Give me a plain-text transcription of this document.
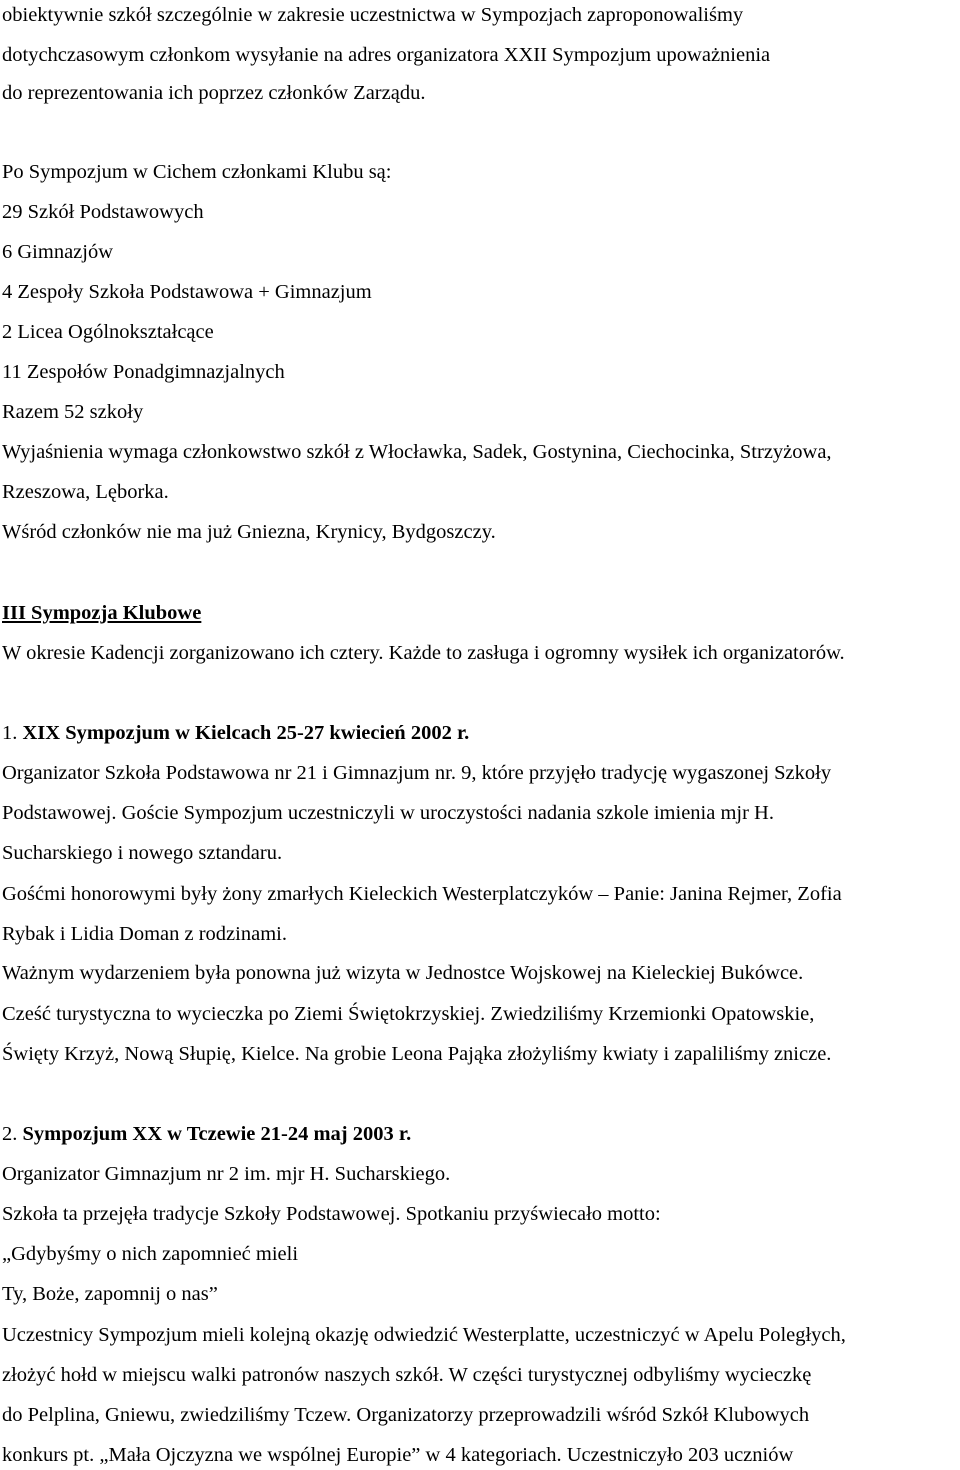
obiektywnie szkół szczególnie w zakresie uczestnictwa w Sympozjach zaproponowaliśmy
dotychczasowym członkom wysyłanie na adres organizatora XXII Sympozjum upoważnienia
do reprezentowania ich poprzez członków Zarządu.
Po Sympozjum w Cichem członkami Klubu są:
29 Szkół Podstawowych
6 Gimnazjów
4 Zespoły Szkoła Podstawowa + Gimnazjum
2 Licea Ogólnokształcące
11 Zespołów Ponadgimnazjalnych
Razem 52 szkoły
Wyjaśnienia wymaga członkowstwo szkół z Włocławka, Sadek, Gostynina, Ciechocinka, Strzyżowa,
Rzeszowa, Lęborka.
Wśród członków nie ma już Gniezna, Krynicy, Bydgoszczy.
III Sympozja Klubowe
W okresie Kadencji zorganizowano ich cztery. Każde to zasługa i ogromny wysiłek ich organizatorów.
1. XIX Sympozjum w Kielcach 25-27 kwiecień 2002 r.
Organizator Szkoła Podstawowa nr 21 i Gimnazjum nr. 9, które przyjęło tradycję wygaszonej Szkoły
Podstawowej. Goście Sympozjum uczestniczyli w uroczystości nadania szkole imienia mjr H.
Sucharskiego i nowego sztandaru.
Gośćmi honorowymi były żony zmarłych Kieleckich Westerplatczyków – Panie: Janina Rejmer, Zofia
Rybak i Lidia Doman z rodzinami.
Ważnym wydarzeniem była ponowna już wizyta w Jednostce Wojskowej na Kieleckiej Bukówce.
Cześć turystyczna to wycieczka po Ziemi Świętokrzyskiej. Zwiedziliśmy Krzemionki Opatowskie,
Święty Krzyż, Nową Słupię, Kielce. Na grobie Leona Pająka złożyliśmy kwiaty i zapaliliśmy znicze.
2. Sympozjum XX w Tczewie 21-24 maj 2003 r.
Organizator Gimnazjum nr 2 im. mjr H. Sucharskiego.
Szkoła ta przejęła tradycje Szkoły Podstawowej. Spotkaniu przyświecało motto:
„Gdybyśmy o nich zapomnieć mieli
Ty, Boże, zapomnij o nas”
Uczestnicy Sympozjum mieli kolejną okazję odwiedzić Westerplatte, uczestniczyć w Apelu Poległych,
złożyć hołd w miejscu walki patronów naszych szkół. W części turystycznej odbyliśmy wycieczkę
do Pelplina, Gniewu, zwiedziliśmy Tczew. Organizatorzy przeprowadzili wśród Szkół Klubowych
konkurs pt. „Mała Ojczyzna we wspólnej Europie” w 4 kategoriach. Uczestniczyło 203 uczniów
